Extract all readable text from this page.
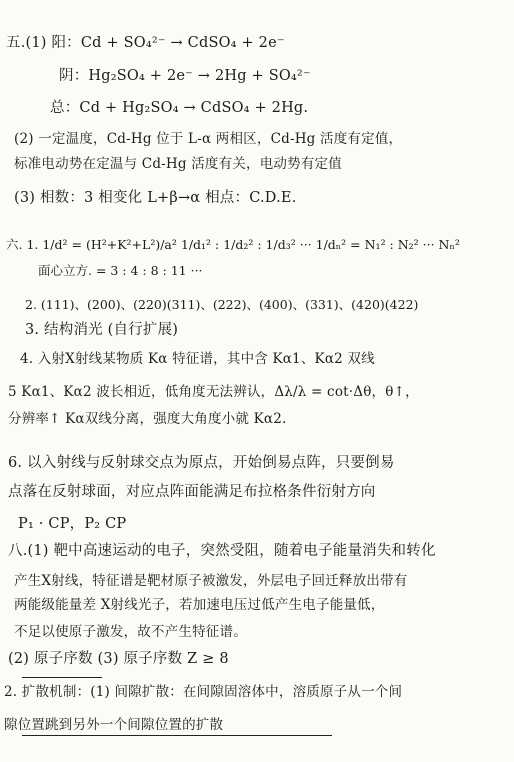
五.(1) 阳：Cd + SO₄²⁻ → CdSO₄ + 2e⁻
阴：Hg₂SO₄ + 2e⁻ → 2Hg + SO₄²⁻
总：Cd + Hg₂SO₄ → CdSO₄ + 2Hg.
(2) 一定温度，Cd-Hg 位于 L-α 两相区，Cd-Hg 活度有定值，
标准电动势在定温与 Cd-Hg 活度有关，电动势有定值
(3) 相数：3 相变化 L+β→α 相点：C.D.E.
六. 1. 1/d² = (H²+K²+L²)/a² 1/d₁² : 1/d₂² : 1/d₃² ··· 1/dₙ² = N₁² : N₂² ··· Nₙ²
面心立方. = 3 : 4 : 8 : 11 ···
2. (111)、(200)、(220)(311)、(222)、(400)、(331)、(420)(422)
3. 结构消光 (自行扩展)
4. 入射X射线某物质 Kα 特征谱，其中含 Kα1、Kα2 双线
5 Kα1、Kα2 波长相近，低角度无法辨认，Δλ/λ = cot·Δθ，θ↑，
分辨率↑ Kα双线分离，强度大角度小就 Kα2.
6. 以入射线与反射球交点为原点，开始倒易点阵，只要倒易
点落在反射球面，对应点阵面能满足布拉格条件衍射方向
P₁ · CP，P₂ CP
八.(1) 靶中高速运动的电子，突然受阻，随着电子能量消失和转化
产生X射线，特征谱是靶材原子被激发，外层电子回迁释放出带有
两能级能量差 X射线光子，若加速电压过低产生电子能量低，
不足以使原子激发，故不产生特征谱。
(2) 原子序数 (3) 原子序数 Z ≥ 8
2. 扩散机制：(1) 间隙扩散：在间隙固溶体中，溶质原子从一个间
隙位置跳到另外一个间隙位置的扩散
